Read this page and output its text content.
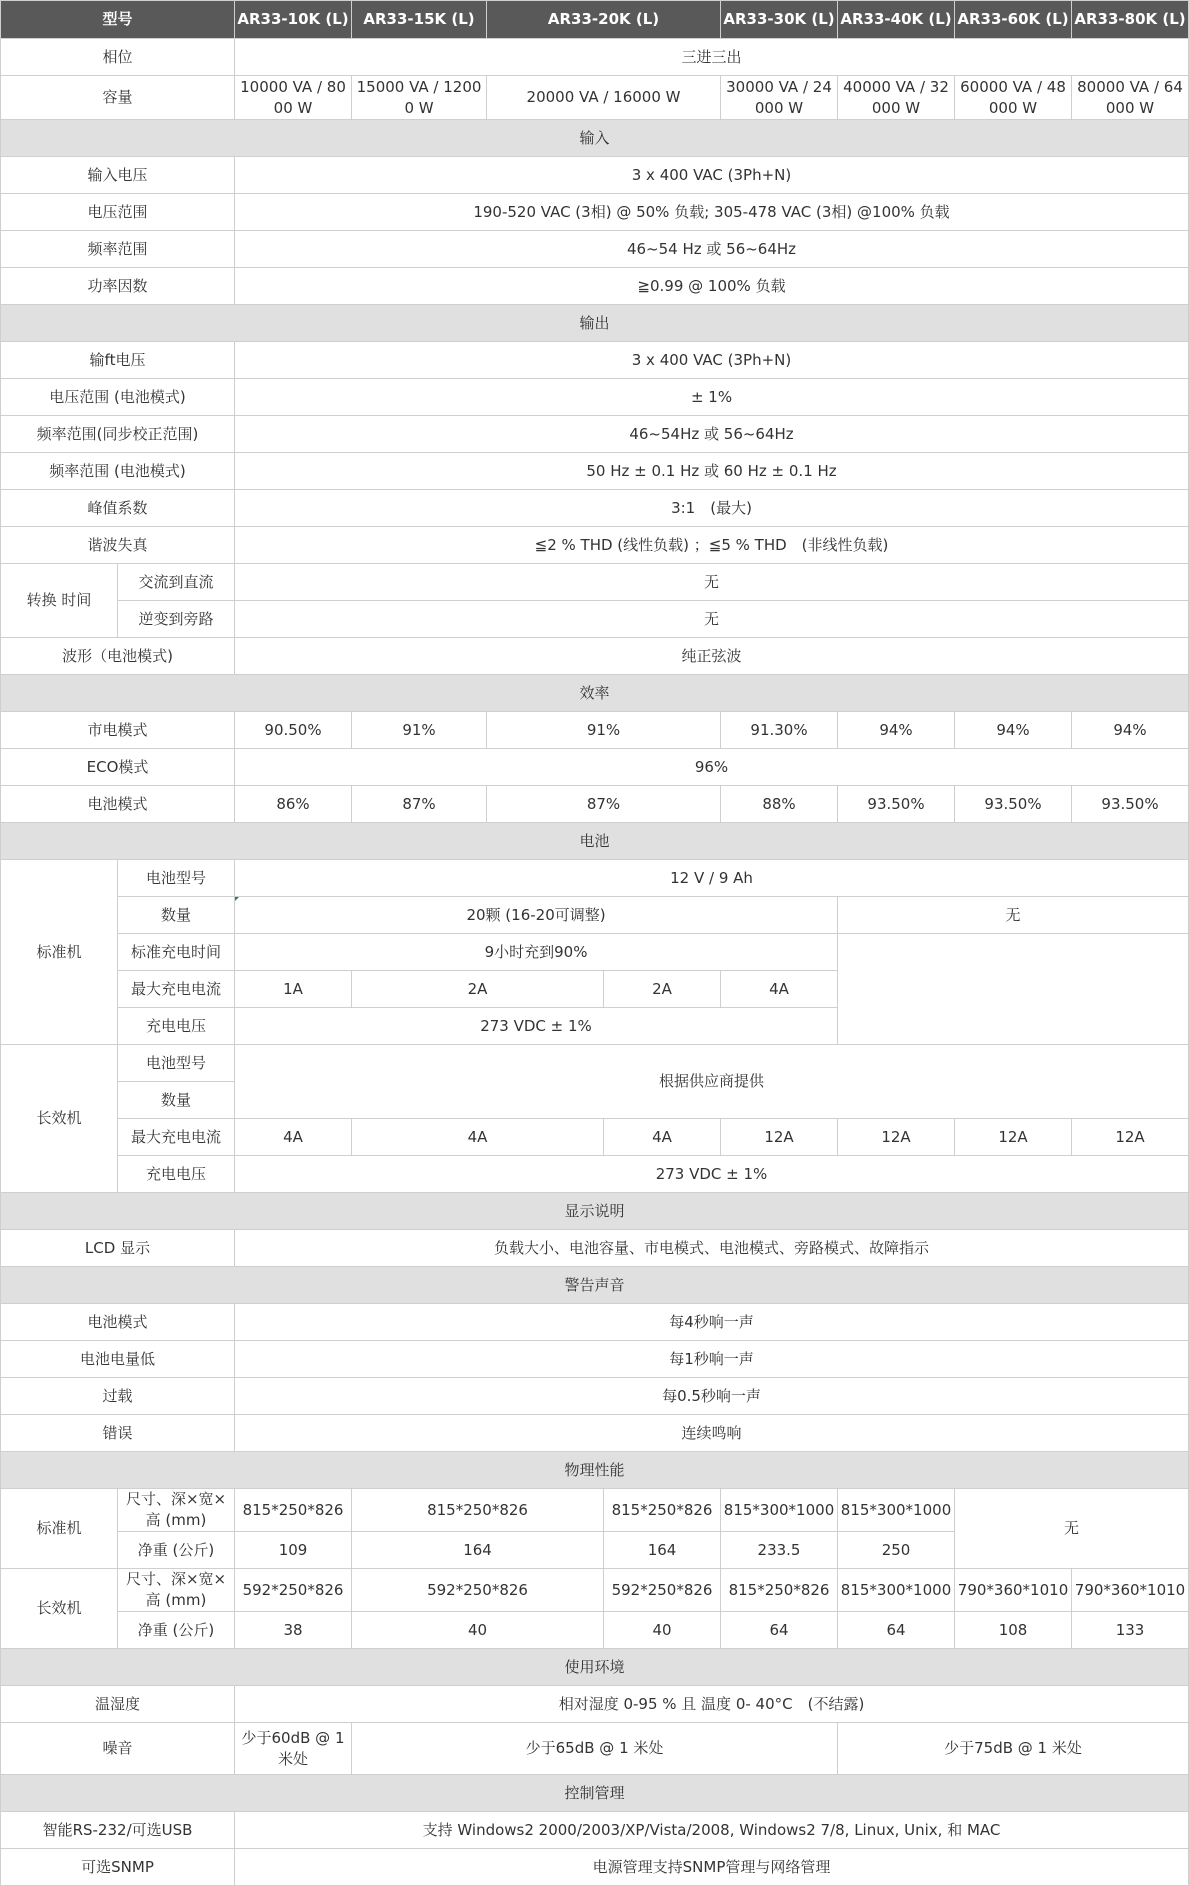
型号		AR33-10K (L)	AR33-15K (L)	AR33-20K (L)		AR33-30K (L)	AR33-40K (L)	AR33-60K (L)	AR33-80K (L)
相位		三进三出							
容量		10000 VA / 8000 W	15000 VA / 12000 W	20000 VA / 16000 W		30000 VA / 24000 W	40000 VA / 32000 W	60000 VA / 48000 W	80000 VA / 64000 W
输入									
输入电压		3 x 400 VAC (3Ph+N)							
电压范围		190-520 VAC (3相) @ 50% 负载; 305-478 VAC (3相) @100% 负载							
频率范围		46~54 Hz 或 56~64Hz							
功率因数		≧0.99 @ 100% 负载							
输出									
输ft电压		3 x 400 VAC (3Ph+N)							
电压范围 (电池模式)		± 1%							
频率范围(同步校正范围)		46~54Hz 或 56~64Hz							
频率范围 (电池模式)		50 Hz ± 0.1 Hz 或 60 Hz ± 0.1 Hz							
峰值系数		3:1　(最大)							
谐波失真		≦2 % THD (线性负载) ；≦5 % THD　(非线性负载)							
转换 时间	交流到直流	无							
	逆变到旁路	无							
波形（电池模式)		纯正弦波							
效率									
市电模式		90.50%	91%	91%		91.30%	94%	94%	94%
ECO模式		96%							
电池模式		86%	87%	87%		88%	93.50%	93.50%	93.50%
电池									
标准机	电池型号	12 V / 9 Ah							
	数量	20颗 (16-20可调整)					无		
	标准充电时间	9小时充到90%							
	最大充电电流	1A	2A		2A	4A			
	充电电压	273 VDC ± 1%							
长效机	电池型号	根据供应商提供							
	数量								
	最大充电电流	4A	4A		4A	12A	12A	12A	12A
	充电电压	273 VDC ± 1%							
显示说明									
LCD 显示		负载大小、电池容量、市电模式、电池模式、旁路模式、故障指示							
警告声音									
电池模式		每4秒响一声							
电池电量低		每1秒响一声							
过载		每0.5秒响一声							
错误		连续鸣响							
物理性能									
标准机	尺寸、深×宽×高 (mm)	815*250*826	815*250*826		815*250*826	815*300*1000	815*300*1000	无	
	净重 (公斤)	109	164		164	233.5	250		
长效机	尺寸、深×宽×高 (mm)	592*250*826	592*250*826		592*250*826	815*250*826	815*300*1000	790*360*1010	790*360*1010
	净重 (公斤)	38	40		40	64	64	108	133
使用环境									
温湿度		相对湿度 0-95 % 且 温度 0- 40°C　(不结露)							
噪音		少于60dB @ 1 米处	少于65dB @ 1 米处				少于75dB @ 1 米处		
控制管理									
智能RS-232/可选USB		支持 Windows2 2000/2003/XP/Vista/2008, Windows2 7/8, Linux, Unix, 和 MAC							
可选SNMP		电源管理支持SNMP管理与网络管理							
